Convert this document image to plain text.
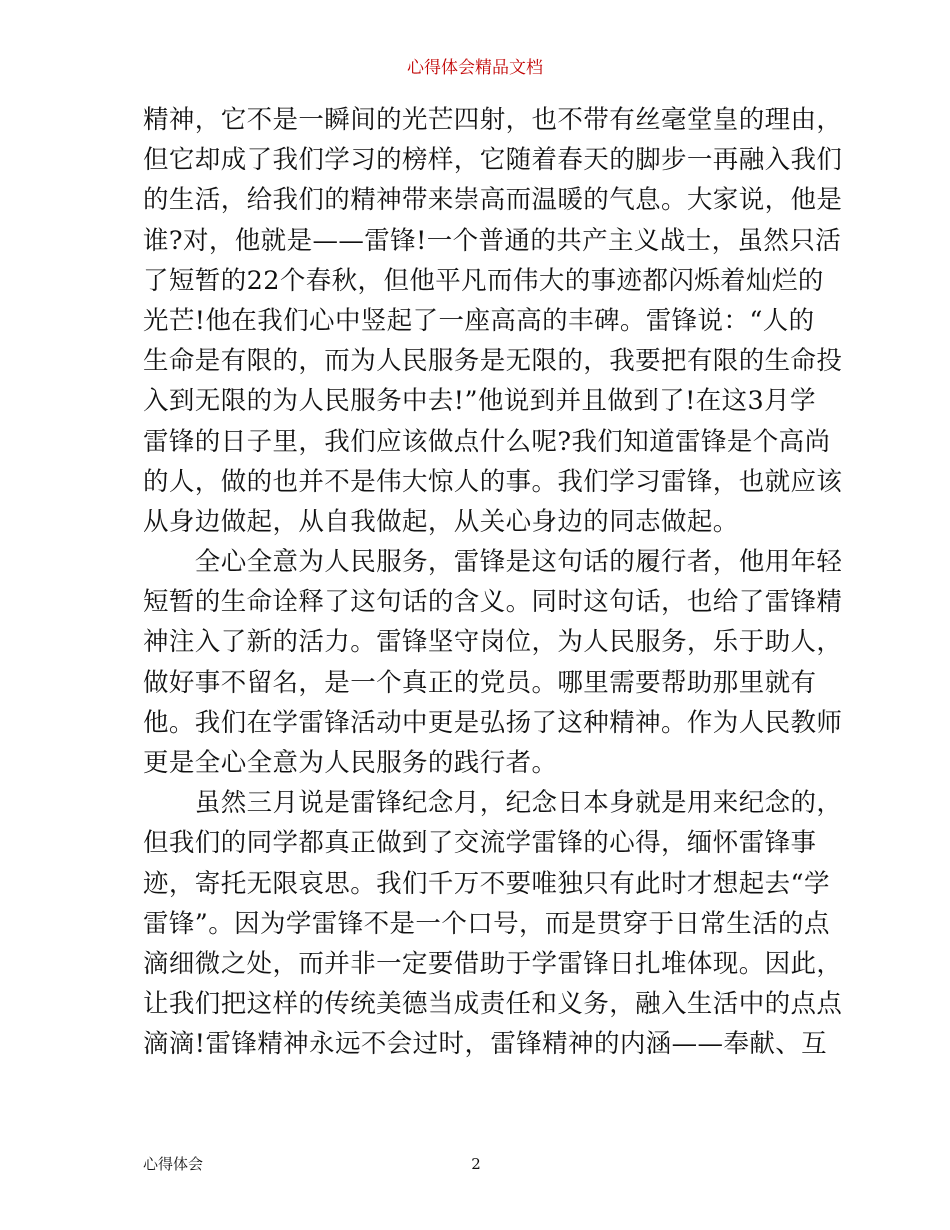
心得体会精品文档
精神，它不是一瞬间的光芒四射，也不带有丝毫堂皇的理由，
但它却成了我们学习的榜样，它随着春天的脚步一再融入我们
的生活，给我们的精神带来崇高而温暖的气息。大家说，他是
谁?对，他就是——雷锋!一个普通的共产主义战士，虽然只活
了短暂的22个春秋，但他平凡而伟大的事迹都闪烁着灿烂的
光芒!他在我们心中竖起了一座高高的丰碑。雷锋说：“人的
生命是有限的，而为人民服务是无限的，我要把有限的生命投
入到无限的为人民服务中去!”他说到并且做到了!在这3月学
雷锋的日子里，我们应该做点什么呢?我们知道雷锋是个高尚
的人，做的也并不是伟大惊人的事。我们学习雷锋，也就应该
从身边做起，从自我做起，从关心身边的同志做起。
　　全心全意为人民服务，雷锋是这句话的履行者，他用年轻
短暂的生命诠释了这句话的含义。同时这句话，也给了雷锋精
神注入了新的活力。雷锋坚守岗位，为人民服务，乐于助人，
做好事不留名，是一个真正的党员。哪里需要帮助那里就有
他。我们在学雷锋活动中更是弘扬了这种精神。作为人民教师
更是全心全意为人民服务的践行者。
　　虽然三月说是雷锋纪念月，纪念日本身就是用来纪念的，
但我们的同学都真正做到了交流学雷锋的心得，缅怀雷锋事
迹，寄托无限哀思。我们千万不要唯独只有此时才想起去“学
雷锋”。因为学雷锋不是一个口号，而是贯穿于日常生活的点
滴细微之处，而并非一定要借助于学雷锋日扎堆体现。因此，
让我们把这样的传统美德当成责任和义务，融入生活中的点点
滴滴!雷锋精神永远不会过时，雷锋精神的内涵——奉献、互
心得体会	2
